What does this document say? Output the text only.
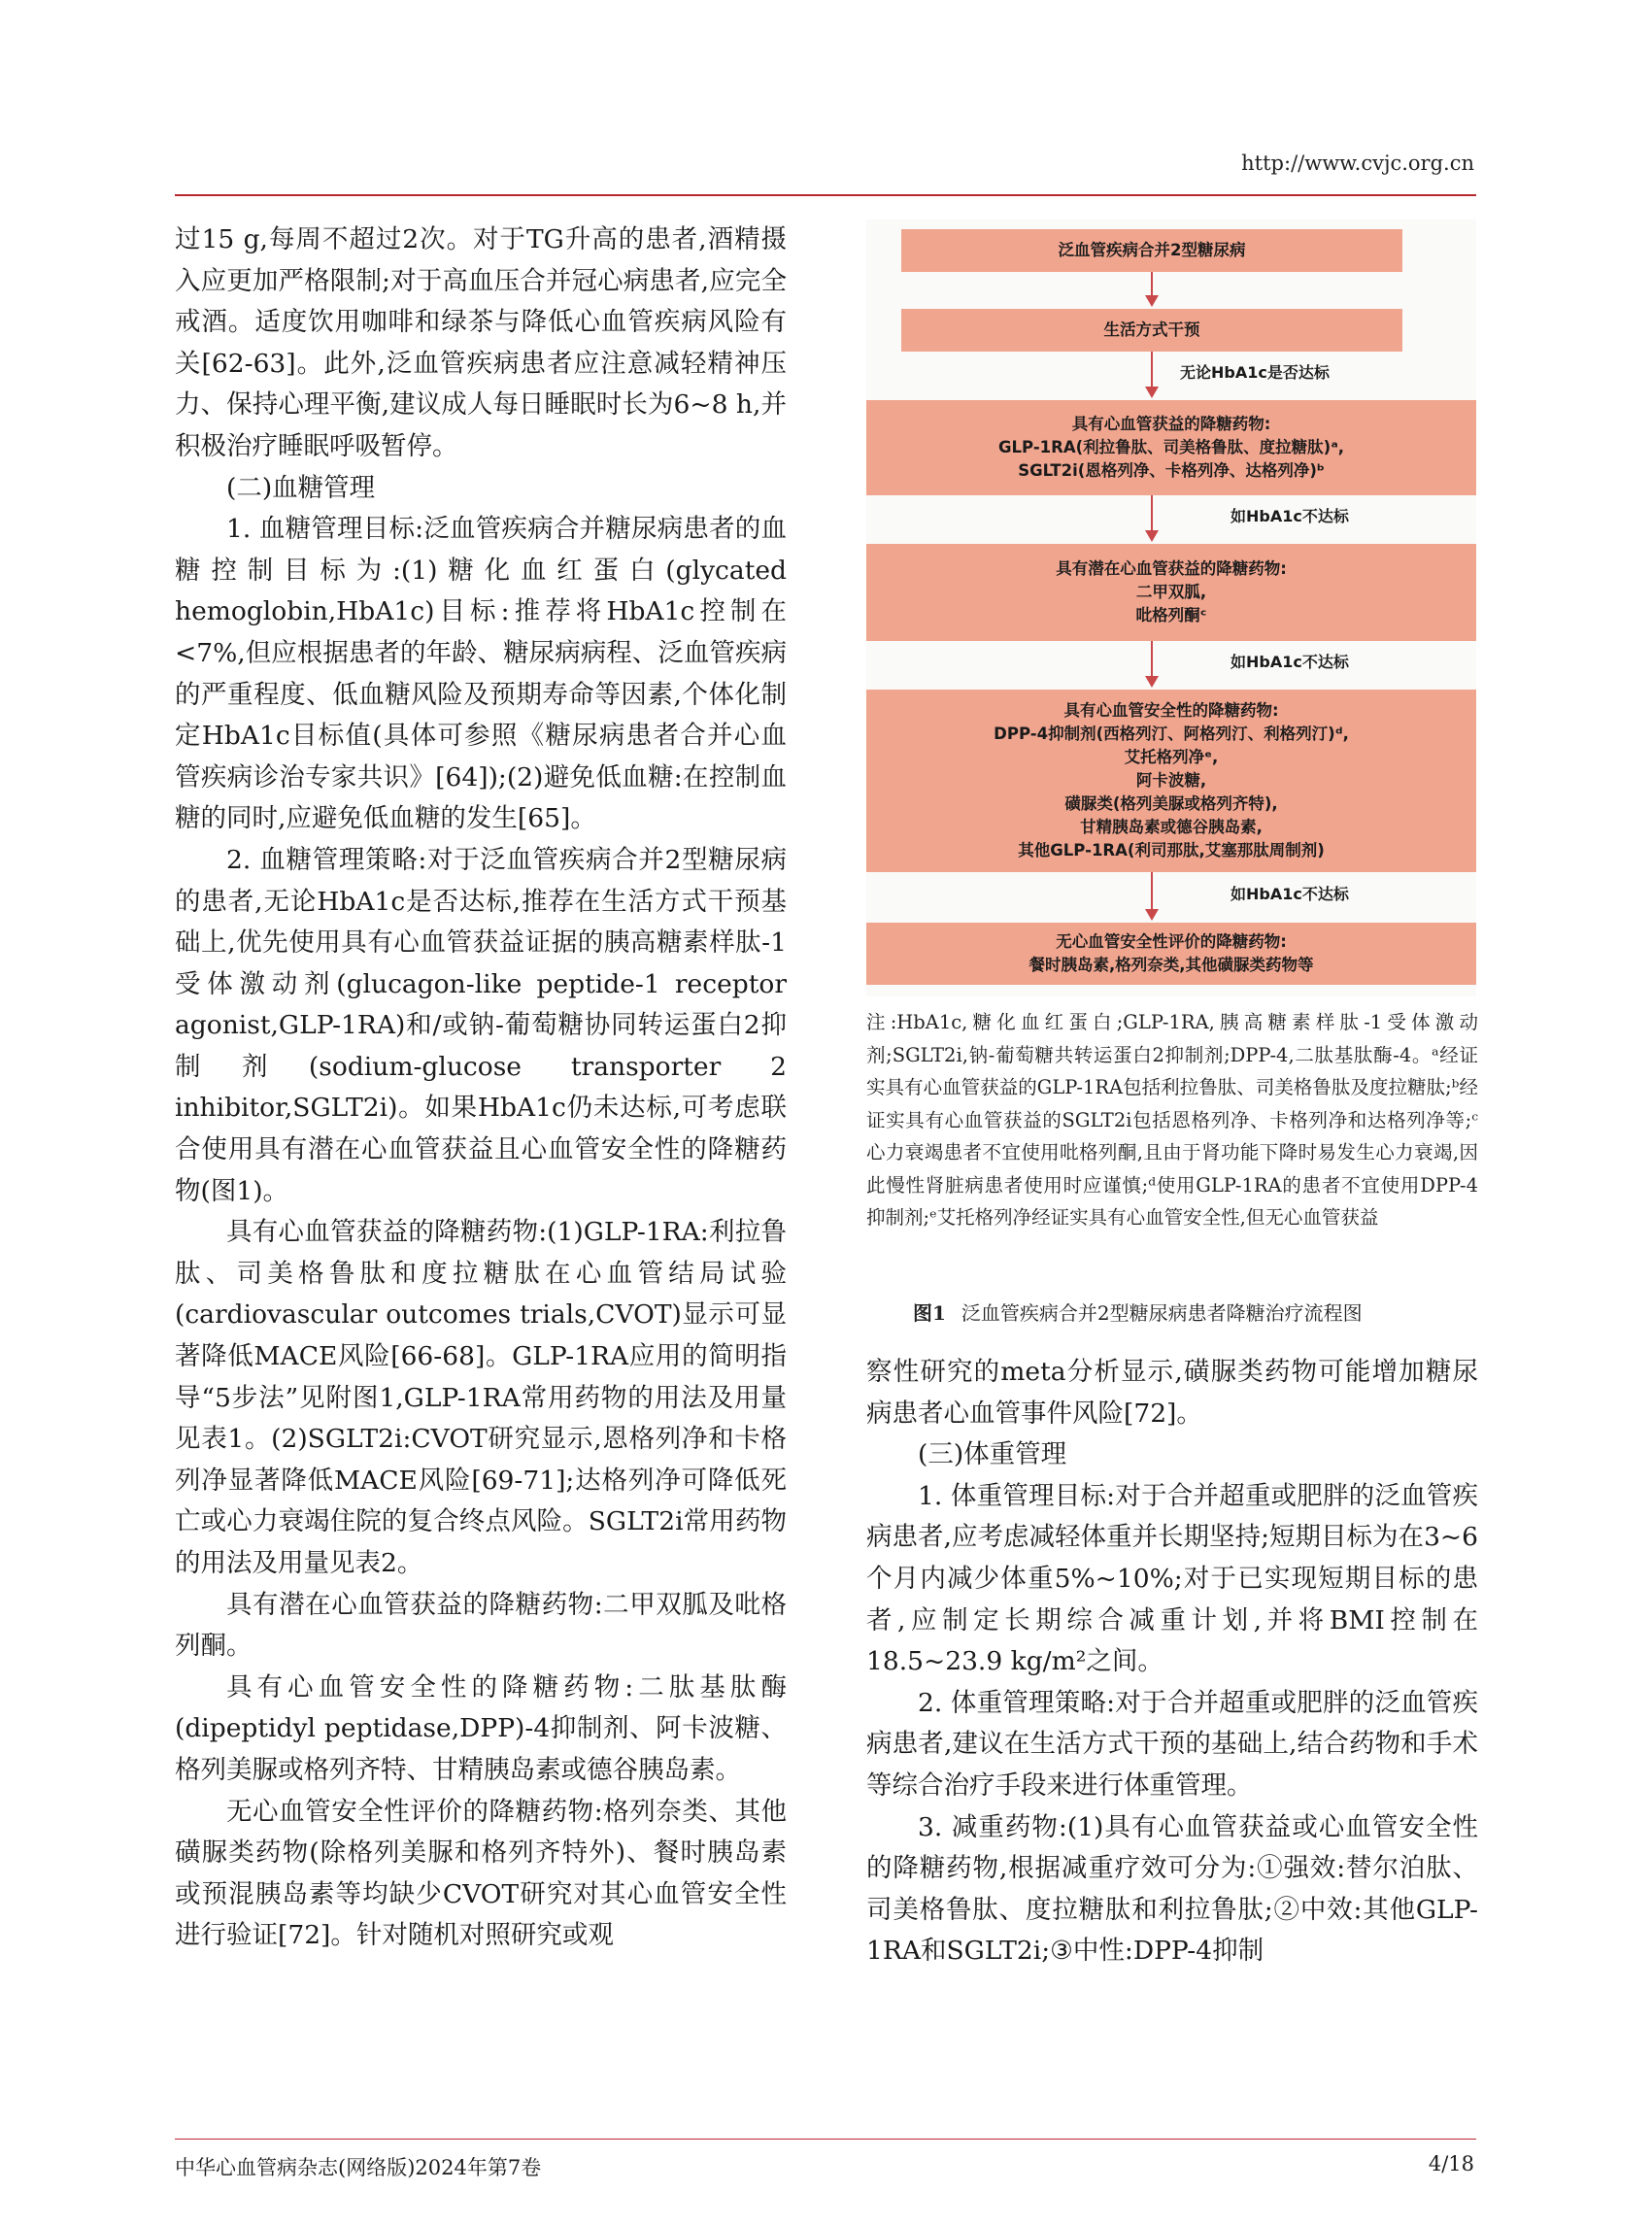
http://www.cvjc.org.cn

过15 g,每周不超过2次。对于TG升高的患者,酒精摄入应更加严格限制;对于高血压合并冠心病患者,应完全戒酒。适度饮用咖啡和绿茶与降低心血管疾病风险有关[62-63]。此外,泛血管疾病患者应注意减轻精神压力、保持心理平衡,建议成人每日睡眠时长为6~8 h,并积极治疗睡眠呼吸暂停。

(二)血糖管理

1. 血糖管理目标:泛血管疾病合并糖尿病患者的血糖控制目标为:(1)糖化血红蛋白(glycated hemoglobin,HbA1c)目标:推荐将HbA1c控制在<7%,但应根据患者的年龄、糖尿病病程、泛血管疾病的严重程度、低血糖风险及预期寿命等因素,个体化制定HbA1c目标值(具体可参照《糖尿病患者合并心血管疾病诊治专家共识》[64]);(2)避免低血糖:在控制血糖的同时,应避免低血糖的发生[65]。

2. 血糖管理策略:对于泛血管疾病合并2型糖尿病的患者,无论HbA1c是否达标,推荐在生活方式干预基础上,优先使用具有心血管获益证据的胰高糖素样肽-1受体激动剂(glucagon-like peptide-1 receptor agonist,GLP-1RA)和/或钠-葡萄糖协同转运蛋白2抑制剂(sodium-glucose transporter 2 inhibitor,SGLT2i)。如果HbA1c仍未达标,可考虑联合使用具有潜在心血管获益且心血管安全性的降糖药物(图1)。

具有心血管获益的降糖药物:(1)GLP-1RA:利拉鲁肽、司美格鲁肽和度拉糖肽在心血管结局试验(cardiovascular outcomes trials,CVOT)显示可显著降低MACE风险[66-68]。GLP-1RA应用的简明指导“5步法”见附图1,GLP-1RA常用药物的用法及用量见表1。(2)SGLT2i:CVOT研究显示,恩格列净和卡格列净显著降低MACE风险[69-71];达格列净可降低死亡或心力衰竭住院的复合终点风险。SGLT2i常用药物的用法及用量见表2。

具有潜在心血管获益的降糖药物:二甲双胍及吡格列酮。

具有心血管安全性的降糖药物:二肽基肽酶(dipeptidyl peptidase,DPP)-4抑制剂、阿卡波糖、格列美脲或格列齐特、甘精胰岛素或德谷胰岛素。

无心血管安全性评价的降糖药物:格列奈类、其他磺脲类药物(除格列美脲和格列齐特外)、餐时胰岛素或预混胰岛素等均缺少CVOT研究对其心血管安全性进行验证[72]。针对随机对照研究或观

泛血管疾病合并2型糖尿病
生活方式干预
无论HbA1c是否达标
具有心血管获益的降糖药物:
GLP-1RA(利拉鲁肽、司美格鲁肽、度拉糖肽)ᵃ,
SGLT2i(恩格列净、卡格列净、达格列净)ᵇ
如HbA1c不达标
具有潜在心血管获益的降糖药物:
二甲双胍,
吡格列酮ᶜ
如HbA1c不达标
具有心血管安全性的降糖药物:
DPP-4抑制剂(西格列汀、阿格列汀、利格列汀)ᵈ,
艾托格列净ᵉ,
阿卡波糖,
磺脲类(格列美脲或格列齐特),
甘精胰岛素或德谷胰岛素,
其他GLP-1RA(利司那肽,艾塞那肽周制剂)
如HbA1c不达标
无心血管安全性评价的降糖药物:
餐时胰岛素,格列奈类,其他磺脲类药物等
注:HbA1c,糖化血红蛋白;GLP-1RA,胰高糖素样肽-1受体激动剂;SGLT2i,钠-葡萄糖共转运蛋白2抑制剂;DPP-4,二肽基肽酶-4。ᵃ经证实具有心血管获益的GLP-1RA包括利拉鲁肽、司美格鲁肽及度拉糖肽;ᵇ经证实具有心血管获益的SGLT2i包括恩格列净、卡格列净和达格列净等;ᶜ心力衰竭患者不宜使用吡格列酮,且由于肾功能下降时易发生心力衰竭,因此慢性肾脏病患者使用时应谨慎;ᵈ使用GLP-1RA的患者不宜使用DPP-4抑制剂;ᵉ艾托格列净经证实具有心血管安全性,但无心血管获益
图1 泛血管疾病合并2型糖尿病患者降糖治疗流程图

察性研究的meta分析显示,磺脲类药物可能增加糖尿病患者心血管事件风险[72]。

(三)体重管理

1. 体重管理目标:对于合并超重或肥胖的泛血管疾病患者,应考虑减轻体重并长期坚持;短期目标为在3~6个月内减少体重5%~10%;对于已实现短期目标的患者,应制定长期综合减重计划,并将BMI控制在18.5~23.9 kg/m²之间。

2. 体重管理策略:对于合并超重或肥胖的泛血管疾病患者,建议在生活方式干预的基础上,结合药物和手术等综合治疗手段来进行体重管理。

3. 减重药物:(1)具有心血管获益或心血管安全性的降糖药物,根据减重疗效可分为:①强效:替尔泊肽、司美格鲁肽、度拉糖肽和利拉鲁肽;②中效:其他GLP-1RA和SGLT2i;③中性:DPP-4抑制

中华心血管病杂志(网络版)2024年第7卷	4/18
